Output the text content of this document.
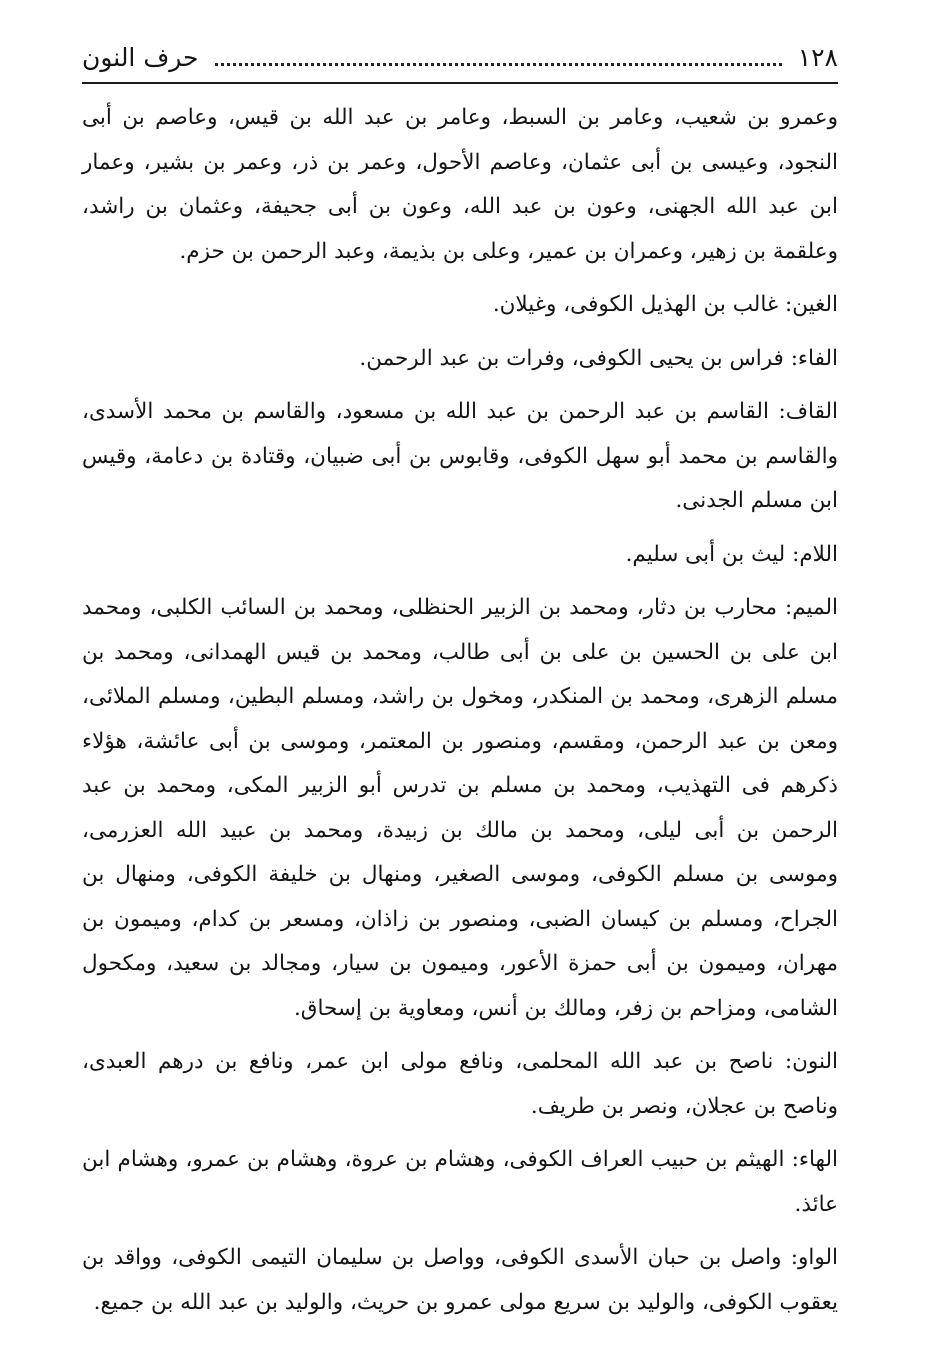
١٢٨
حرف النون

وعمرو بن شعيب، وعامر بن السبط، وعامر بن عبد الله بن قيس، وعاصم بن أبى النجود، وعيسى بن أبى عثمان، وعاصم الأحول، وعمر بن ذر، وعمر بن بشير، وعمار ابن عبد الله الجهنى، وعون بن عبد الله، وعون بن أبى جحيفة، وعثمان بن راشد، وعلقمة بن زهير، وعمران بن عمير، وعلى بن بذيمة، وعبد الرحمن بن حزم.

الغين: غالب بن الهذيل الكوفى، وغيلان.

الفاء: فراس بن يحيى الكوفى، وفرات بن عبد الرحمن.

القاف: القاسم بن عبد الرحمن بن عبد الله بن مسعود، والقاسم بن محمد الأسدى، والقاسم بن محمد أبو سهل الكوفى، وقابوس بن أبى ضبيان، وقتادة بن دعامة، وقيس ابن مسلم الجدنى.

اللام: ليث بن أبى سليم.

الميم: محارب بن دثار، ومحمد بن الزبير الحنظلى، ومحمد بن السائب الكلبى، ومحمد ابن على بن الحسين بن على بن أبى طالب، ومحمد بن قيس الهمدانى، ومحمد بن مسلم الزهرى، ومحمد بن المنكدر، ومخول بن راشد، ومسلم البطين، ومسلم الملائى، ومعن بن عبد الرحمن، ومقسم، ومنصور بن المعتمر، وموسى بن أبى عائشة، هؤلاء ذكرهم فى التهذيب، ومحمد بن مسلم بن تدرس أبو الزبير المكى، ومحمد بن عبد الرحمن بن أبى ليلى، ومحمد بن مالك بن زبيدة، ومحمد بن عبيد الله العزرمى، وموسى بن مسلم الكوفى، وموسى الصغير، ومنهال بن خليفة الكوفى، ومنهال بن الجراح، ومسلم بن كيسان الضبى، ومنصور بن زاذان، ومسعر بن كدام، وميمون بن مهران، وميمون بن أبى حمزة الأعور، وميمون بن سيار، ومجالد بن سعيد، ومكحول الشامى، ومزاحم بن زفر، ومالك بن أنس، ومعاوية بن إسحاق.

النون: ناصح بن عبد الله المحلمى، ونافع مولى ابن عمر، ونافع بن درهم العبدى، وناصح بن عجلان، ونصر بن طريف.

الهاء: الهيثم بن حبيب العراف الكوفى، وهشام بن عروة، وهشام بن عمرو، وهشام ابن عائذ.

الواو: واصل بن حبان الأسدى الكوفى، وواصل بن سليمان التيمى الكوفى، وواقد بن يعقوب الكوفى، والوليد بن سريع مولى عمرو بن حريث، والوليد بن عبد الله بن جميع.
